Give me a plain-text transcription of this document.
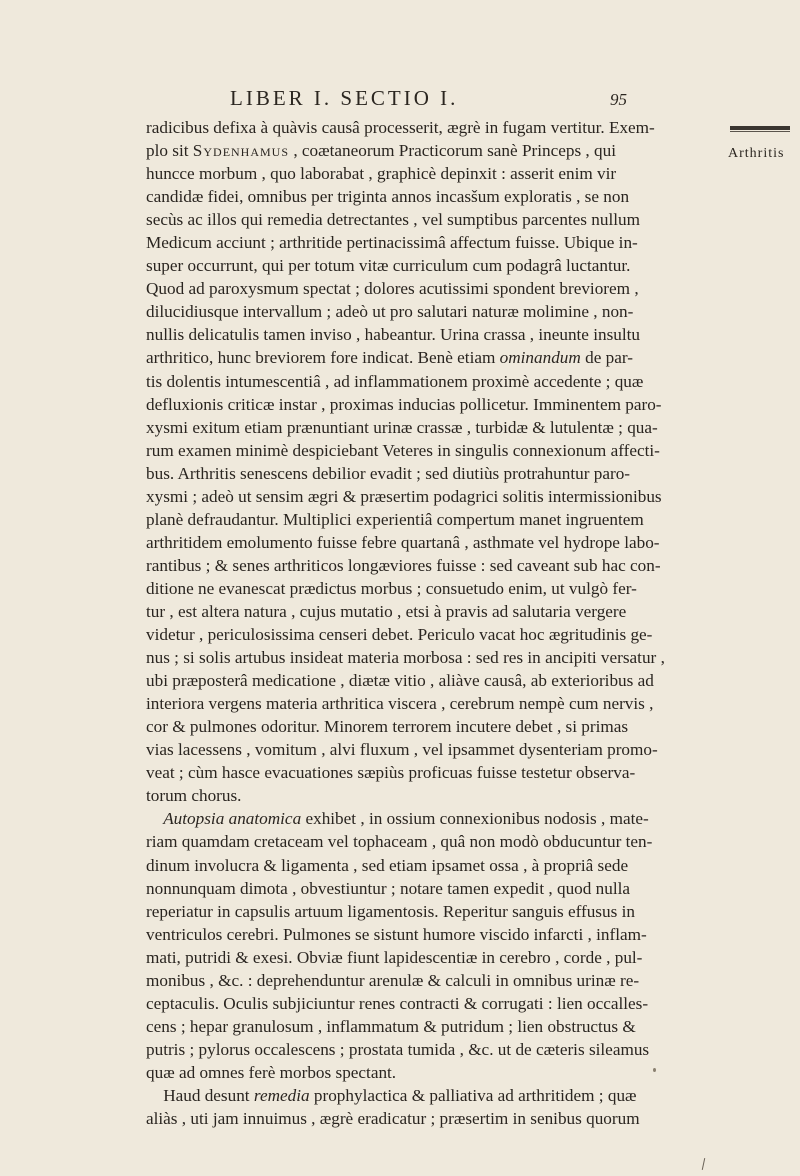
LIBER I. SECTIO I.	95
Arthritis
radicibus defixa à quàvis causâ processerit, ægrè in fugam vertitur. Exem-
plo sit Sydenhamus , coætaneorum Practicorum sanè Princeps , qui
huncce morbum , quo laborabat , graphicè depinxit : asserit enim vir
candidæ fidei, omnibus per triginta annos incasšum exploratis , se non
secùs ac illos qui remedia detrectantes , vel sumptibus parcentes nullum
Medicum acciunt ; arthritide pertinacissimâ affectum fuisse. Ubique in-
super occurrunt, qui per totum vitæ curriculum cum podagrâ luctantur.
Quod ad paroxysmum spectat ; dolores acutissimi spondent breviorem ,
dilucidiusque intervallum ; adeò ut pro salutari naturæ molimine , non-
nullis delicatulis tamen inviso , habeantur. Urina crassa , ineunte insultu
arthritico, hunc breviorem fore indicat. Benè etiam ominandum de par-
tis dolentis intumescentiâ , ad inflammationem proximè accedente ; quæ
defluxionis criticæ instar , proximas inducias pollicetur. Imminentem paro-
xysmi exitum etiam prænuntiant urinæ crassæ , turbidæ & lutulentæ ; qua-
rum examen minimè despiciebant Veteres in singulis connexionum affecti-
bus. Arthritis senescens debilior evadit ; sed diutiùs protrahuntur paro-
xysmi ; adeò ut sensim ægri & præsertim podagrici solitis intermissionibus
planè defraudantur. Multiplici experientiâ compertum manet ingruentem
arthritidem emolumento fuisse febre quartanâ , asthmate vel hydrope labo-
rantibus ; & senes arthriticos longæviores fuisse : sed caveant sub hac con-
ditione ne evanescat prædictus morbus ; consuetudo enim, ut vulgò fer-
tur , est altera natura , cujus mutatio , etsi à pravis ad salutaria vergere
videtur , periculosissima censeri debet. Periculo vacat hoc ægritudinis ge-
nus ; si solis artubus insideat materia morbosa : sed res in ancipiti versatur ,
ubi præposterâ medicatione , diætæ vitio , aliàve causâ, ab exterioribus ad
interiora vergens materia arthritica viscera , cerebrum nempè cum nervis ,
cor & pulmones odoritur. Minorem terrorem incutere debet , si primas
vias lacessens , vomitum , alvi fluxum , vel ipsammet dysenteriam promo-
veat ; cùm hasce evacuationes sæpiùs proficuas fuisse testetur observa-
torum chorus.
Autopsia anatomica exhibet , in ossium connexionibus nodosis , mate-
riam quamdam cretaceam vel tophaceam , quâ non modò obducuntur ten-
dinum involucra & ligamenta , sed etiam ipsamet ossa , à propriâ sede
nonnunquam dimota , obvestiuntur ; notare tamen expedit , quod nulla
reperiatur in capsulis artuum ligamentosis. Reperitur sanguis effusus in
ventriculos cerebri. Pulmones se sistunt humore viscido infarcti , inflam-
mati, putridi & exesi. Obviæ fiunt lapidescentiæ in cerebro , corde , pul-
monibus , &c. : deprehenduntur arenulæ & calculi in omnibus urinæ re-
ceptaculis. Oculis subjiciuntur renes contracti & corrugati : lien occalles-
cens ; hepar granulosum , inflammatum & putridum ; lien obstructus &
putris ; pylorus occalescens ; prostata tumida , &c. ut de cæteris sileamus
quæ ad omnes ferè morbos spectant.
Haud desunt remedia prophylactica & palliativa ad arthritidem ; quæ
aliàs , uti jam innuimus , ægrè eradicatur ; præsertim in senibus quorum
